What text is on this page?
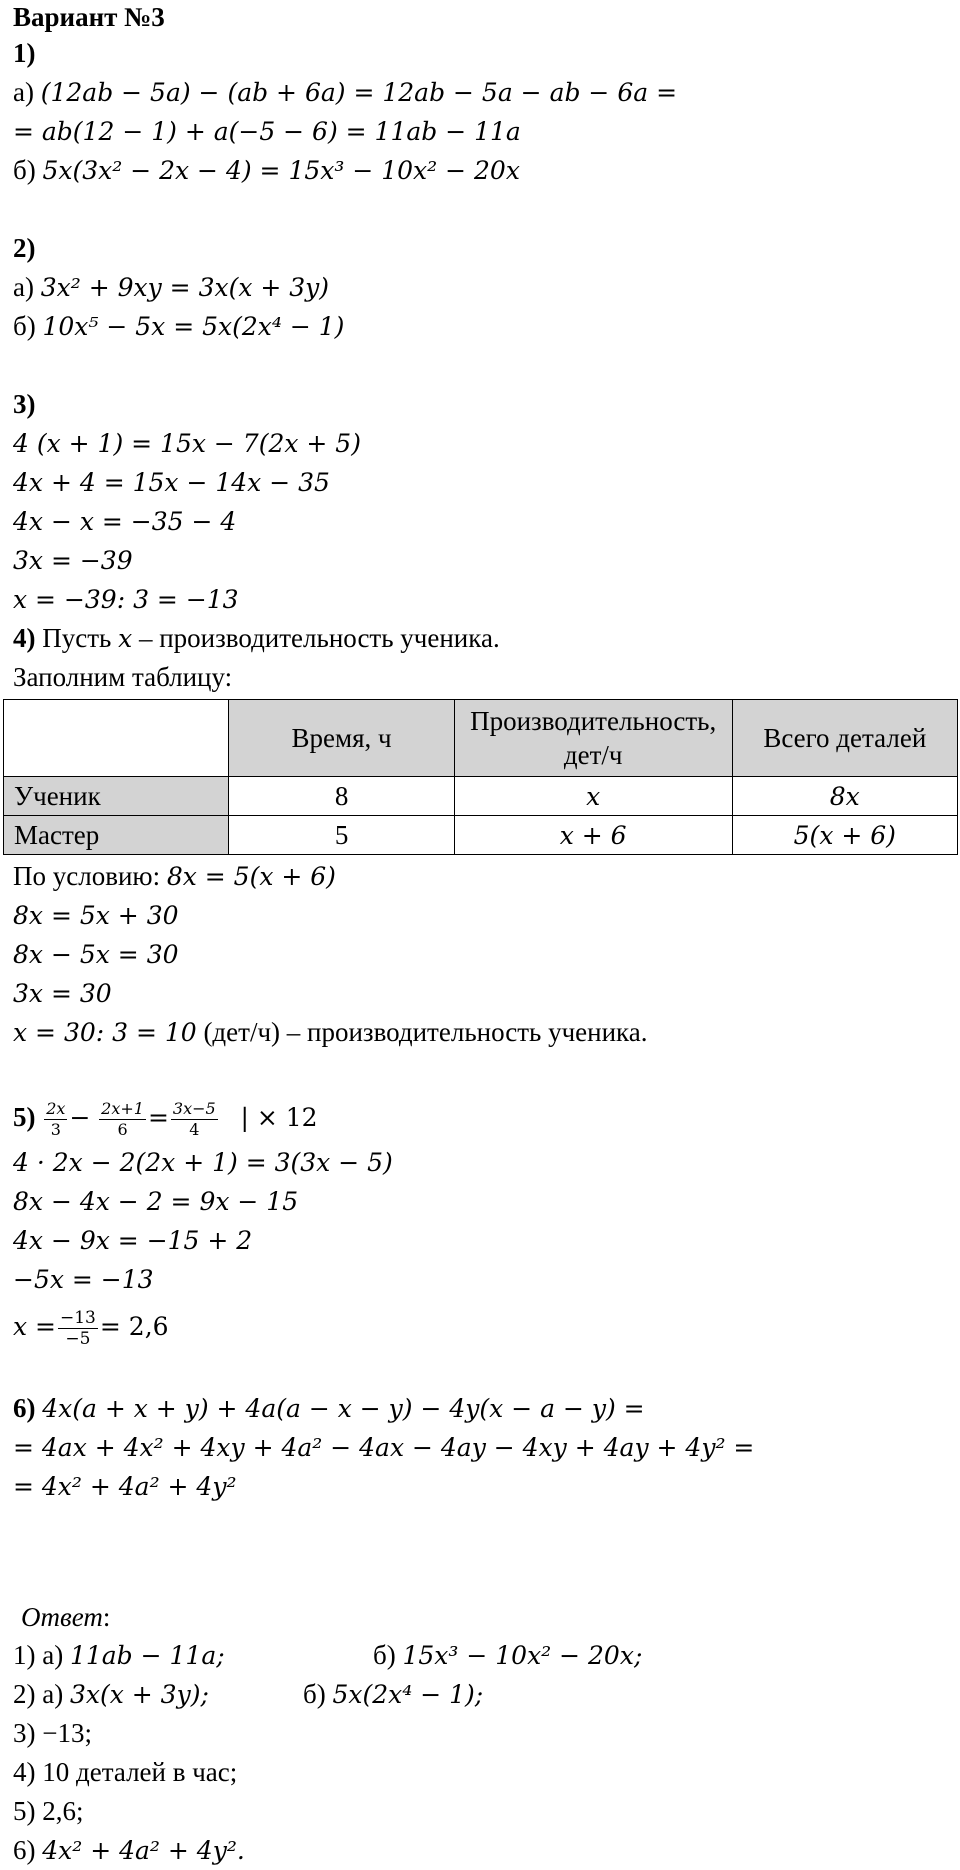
Вариант №3
1)
а) (12ab − 5a) − (ab + 6a) = 12ab − 5a − ab − 6a =
= ab(12 − 1) + a(−5 − 6) = 11ab − 11a
б) 5x(3x² − 2x − 4) = 15x³ − 10x² − 20x
2)
а) 3x² + 9xy = 3x(x + 3y)
б) 10x⁵ − 5x = 5x(2x⁴ − 1)
3)
4 (x + 1) = 15x − 7(2x + 5)
4x + 4 = 15x − 14x − 35
4x − x = −35 − 4
3x = −39
x = −39: 3 = −13
4) Пусть x – производительность ученика.
Заполним таблицу:
	Время, ч	Производительность, дет/ч	Всего деталей
Ученик	8	x	8x
Мастер	5	x + 6	5(x + 6)
По условию: 8x = 5(x + 6)
8x = 5x + 30
8x − 5x = 30
3x = 30
x = 30: 3 = 10 (дет/ч) – производительность ученика.
$5) \frac{2x}{3} - \frac{2x+1}{6} = \frac{3x-5}{4}$ | × 12
4 · 2x − 2(2x + 1) = 3(3x − 5)
8x − 4x − 2 = 9x − 15
4x − 9x = −15 + 2
−5x = −13
$x = \frac{-13}{-5} = 2,6$
6) 4x(a + x + y) + 4a(a − x − y) − 4y(x − a − y) =
= 4ax + 4x² + 4xy + 4a² − 4ax − 4ay − 4xy + 4ay + 4y² =
= 4x² + 4a² + 4y²
Ответ:
1) а) 11ab − 11a;	б) 15x³ − 10x² − 20x;
2) а) 3x(x + 3y);	б) 5x(2x⁴ − 1);
3) −13;
4) 10 деталей в час;
5) 2,6;
6) 4x² + 4a² + 4y².
